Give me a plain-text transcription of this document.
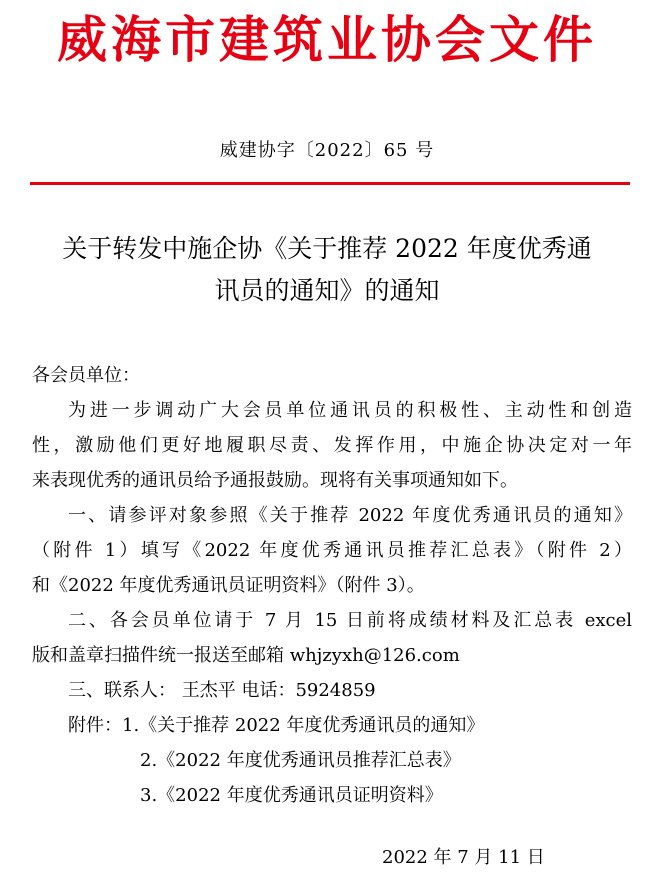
威海市建筑业协会文件
威建协字〔2022〕65 号
关于转发中施企协《关于推荐 2022 年度优秀通
讯员的通知》的通知
各会员单位：
为进一步调动广大会员单位通讯员的积极性、主动性和创造
性，激励他们更好地履职尽责、发挥作用，中施企协决定对一年
来表现优秀的通讯员给予通报鼓励。现将有关事项通知如下。
一、请参评对象参照《关于推荐 2022 年度优秀通讯员的通知》
（附件 1）填写《2022 年度优秀通讯员推荐汇总表》（附件 2）
和《2022 年度优秀通讯员证明资料》（附件 3）。
二、各会员单位请于 7 月 15 日前将成绩材料及汇总表 excel
版和盖章扫描件统一报送至邮箱 whjzyxh@126.com
三、联系人： 王杰平 电话：5924859
附件：1.《关于推荐 2022 年度优秀通讯员的通知》
2.《2022 年度优秀通讯员推荐汇总表》
3.《2022 年度优秀通讯员证明资料》
2022 年 7 月 11 日
